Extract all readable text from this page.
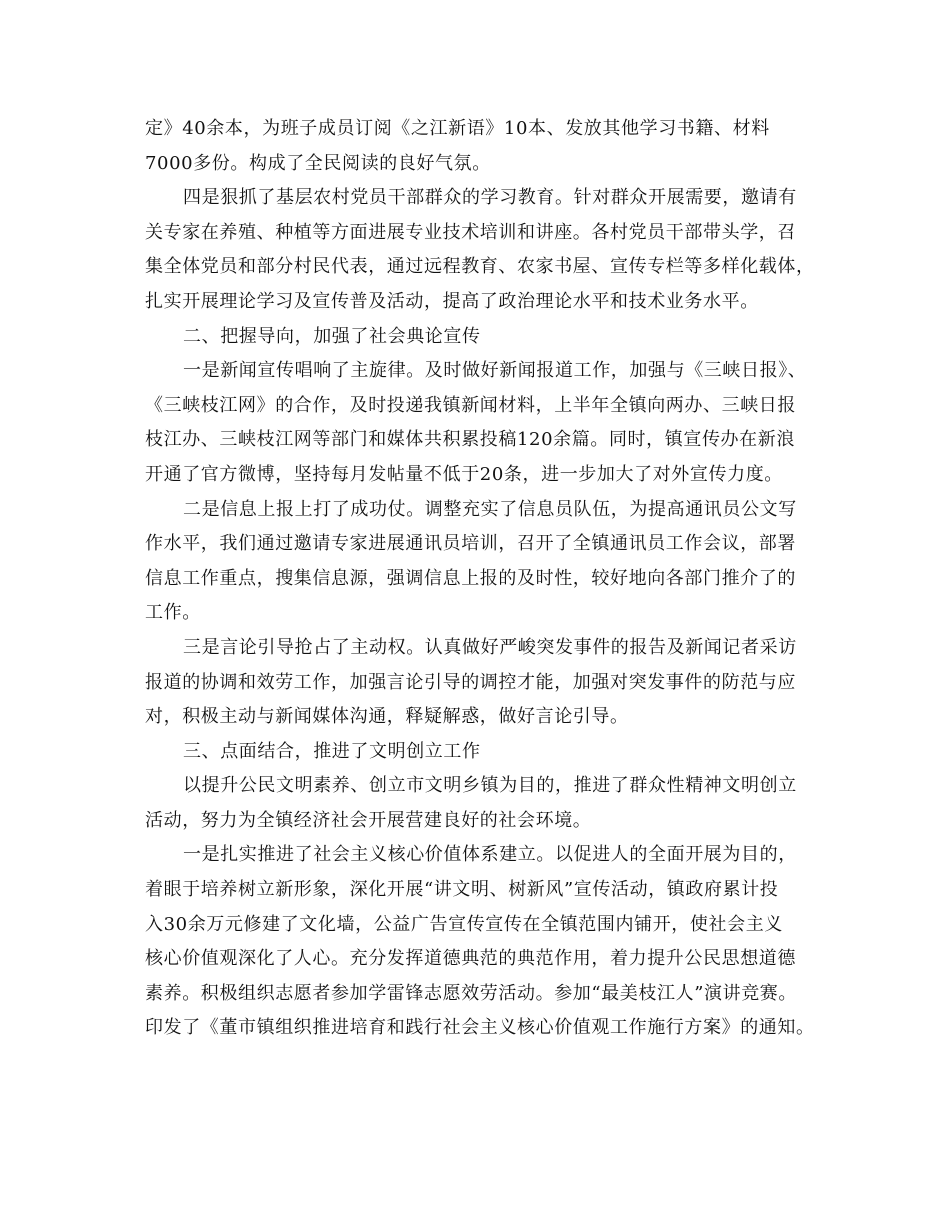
定》40余本，为班子成员订阅《之江新语》10本、发放其他学习书籍、材料
7000多份。构成了全民阅读的良好气氛。
四是狠抓了基层农村党员干部群众的学习教育。针对群众开展需要，邀请有
关专家在养殖、种植等方面进展专业技术培训和讲座。各村党员干部带头学，召
集全体党员和部分村民代表，通过远程教育、农家书屋、宣传专栏等多样化载体，
扎实开展理论学习及宣传普及活动，提高了政治理论水平和技术业务水平。
二、把握导向，加强了社会典论宣传
一是新闻宣传唱响了主旋律。及时做好新闻报道工作，加强与《三峡日报》、
《三峡枝江网》的合作，及时投递我镇新闻材料，上半年全镇向两办、三峡日报
枝江办、三峡枝江网等部门和媒体共积累投稿120余篇。同时，镇宣传办在新浪
开通了官方微博，坚持每月发帖量不低于20条，进一步加大了对外宣传力度。
二是信息上报上打了成功仗。调整充实了信息员队伍，为提高通讯员公文写
作水平，我们通过邀请专家进展通讯员培训，召开了全镇通讯员工作会议，部署
信息工作重点，搜集信息源，强调信息上报的及时性，较好地向各部门推介了的
工作。
三是言论引导抢占了主动权。认真做好严峻突发事件的报告及新闻记者采访
报道的协调和效劳工作，加强言论引导的调控才能，加强对突发事件的防范与应
对，积极主动与新闻媒体沟通，释疑解惑，做好言论引导。
三、点面结合，推进了文明创立工作
以提升公民文明素养、创立市文明乡镇为目的，推进了群众性精神文明创立
活动，努力为全镇经济社会开展营建良好的社会环境。
一是扎实推进了社会主义核心价值体系建立。以促进人的全面开展为目的，
着眼于培养树立新形象，深化开展“讲文明、树新风”宣传活动，镇政府累计投
入30余万元修建了文化墙，公益广告宣传宣传在全镇范围内铺开，使社会主义
核心价值观深化了人心。充分发挥道德典范的典范作用，着力提升公民思想道德
素养。积极组织志愿者参加学雷锋志愿效劳活动。参加“最美枝江人”演讲竞赛。
印发了《董市镇组织推进培育和践行社会主义核心价值观工作施行方案》的通知。
